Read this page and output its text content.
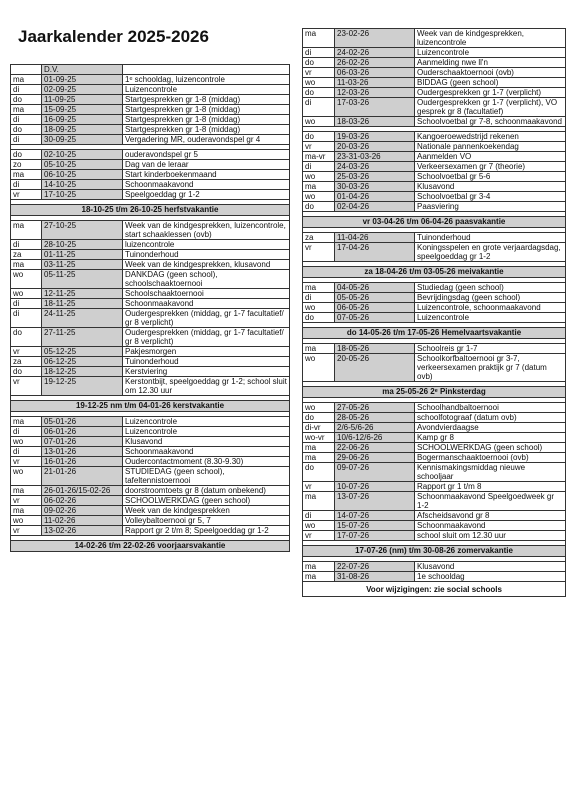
Jaarkalender 2025-2026
	D.V.	
ma	01-09-25	1ᵉ schooldag, luizencontrole
di	02-09-25	Luizencontrole
do	11-09-25	Startgesprekken gr 1-8 (middag)
ma	15-09-25	Startgesprekken gr 1-8 (middag)
di	16-09-25	Startgesprekken gr 1-8 (middag)
do	18-09-25	Startgesprekken gr 1-8 (middag)
di	30-09-25	Vergadering MR, ouderavondspel gr 4

do	02-10-25	ouderavondspel gr 5
zo	05-10-25	Dag van de leraar
ma	06-10-25	Start kinderboekenmaand
di	14-10-25	Schoonmaakavond
vr	17-10-25	Speelgoeddag gr 1-2

18-10-25 t/m 26-10-25 herfstvakantie		

ma	27-10-25	Week van de kindgesprekken, luizencontrole, start schaaklessen (ovb)
di	28-10-25	luizencontrole
za	01-11-25	Tuinonderhoud
ma	03-11-25	Week van de kindgesprekken, klusavond
wo	05-11-25	DANKDAG (geen school), schoolschaaktoernooi
wo	12-11-25	Schoolschaaktoernooi
di	18-11-25	Schoonmaakavond
di	24-11-25	Oudergesprekken (middag, gr 1-7 facultatief/ gr 8 verplicht)
do	27-11-25	Oudergesprekken (middag, gr 1-7 facultatief/ gr 8 verplicht)
vr	05-12-25	Pakjesmorgen
za	06-12-25	Tuinonderhoud
do	18-12-25	Kerstviering
vr	19-12-25	Kerstontbijt, speelgoeddag gr 1-2; school sluit om 12.30 uur

19-12-25 nm t/m 04-01-26 kerstvakantie		

ma	05-01-26	Luizencontrole
di	06-01-26	Luizencontrole
wo	07-01-26	Klusavond
di	13-01-26	Schoonmaakavond
vr	16-01-26	Oudercontactmoment (8.30-9.30)
wo	21-01-26	STUDIEDAG (geen school), tafeltennistoernooi
ma	26-01-26/15-02-26	doorstroomtoets gr 8 (datum onbekend)
vr	06-02-26	SCHOOLWERKDAG (geen school)
ma	09-02-26	Week van de kindgesprekken
wo	11-02-26	Volleybaltoernooi gr 5, 7
vr	13-02-26	Rapport gr 2 t/m 8; Speelgoeddag gr 1-2

14-02-26 t/m 22-02-26 voorjaarsvakantie		
ma	23-02-26	Week van de kindgesprekken, luizencontrole
di	24-02-26	Luizencontrole
do	26-02-26	Aanmelding nwe ll'n
vr	06-03-26	Ouderschaaktoernooi (ovb)
wo	11-03-26	BIDDAG (geen school)
do	12-03-26	Oudergesprekken gr 1-7 (verplicht)
di	17-03-26	Oudergesprekken gr 1-7 (verplicht), VO gesprek gr 8 (facultatief)
wo	18-03-26	Schoolvoetbal gr 7-8, schoonmaakavond

do	19-03-26	Kangoeroewedstrijd rekenen
vr	20-03-26	Nationale pannenkoekendag
ma-vr	23-31-03-26	Aanmelden VO
di	24-03-26	Verkeersexamen gr 7 (theorie)
wo	25-03-26	Schoolvoetbal gr 5-6
ma	30-03-26	Klusavond
wo	01-04-26	Schoolvoetbal gr 3-4
do	02-04-26	Paasviering

vr 03-04-26 t/m 06-04-26 paasvakantie		

za	11-04-26	Tuinonderhoud
vr	17-04-26	Koningsspelen en grote verjaardagsdag, speelgoeddag gr 1-2

za 18-04-26 t/m 03-05-26 meivakantie		

ma	04-05-26	Studiedag (geen school)
di	05-05-26	Bevrijdingsdag (geen school)
wo	06-05-26	Luizencontrole, schoonmaakavond
do	07-05-26	Luizencontrole

do 14-05-26 t/m 17-05-26 Hemelvaartsvakantie		

ma	18-05-26	Schoolreis gr 1-7
wo	20-05-26	Schoolkorfbaltoernooi gr 3-7, verkeersexamen praktijk gr 7 (datum ovb)

ma 25-05-26 2ᵉ Pinksterdag		

wo	27-05-26	Schoolhandbaltoernooi
do	28-05-26	schoolfotograaf (datum ovb)
di-vr	2/6-5/6-26	Avondvierdaagse
wo-vr	10/6-12/6-26	Kamp gr 8
ma	22-06-26	SCHOOLWERKDAG (geen school)
ma	29-06-26	Bogermanschaaktoernooi (ovb)
do	09-07-26	Kennismakingsmiddag nieuwe schooljaar
vr	10-07-26	Rapport gr 1 t/m 8
ma	13-07-26	Schoonmaakavond Speelgoedweek gr 1-2
di	14-07-26	Afscheidsavond gr 8
wo	15-07-26	Schoonmaakavond
vr	17-07-26	school sluit om 12.30 uur

17-07-26 (nm) t/m 30-08-26 zomervakantie		

ma	22-07-26	Klusavond
ma	31-08-26	1e schooldag
Voor wijzigingen: zie social schools		
